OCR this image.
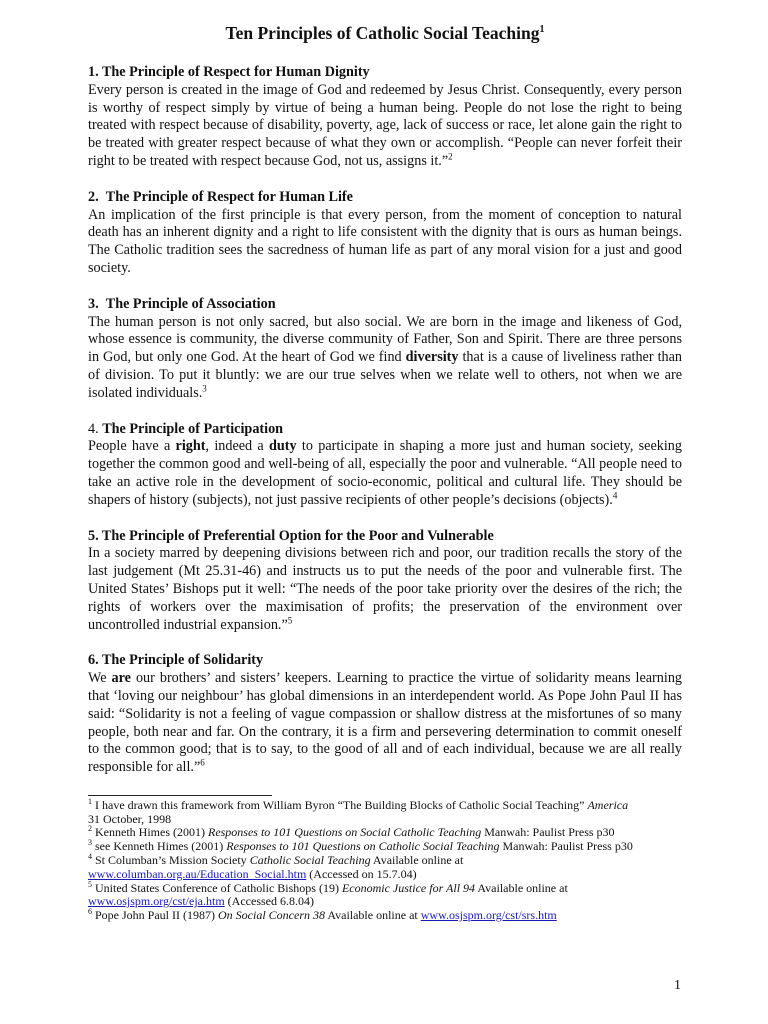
Ten Principles of Catholic Social Teaching$^1$
1. The Principle of Respect for Human Dignity

Every person is created in the image of God and redeemed by Jesus Christ. Consequently, every person is worthy of respect simply by virtue of being a human being. People do not lose the right to being treated with respect because of disability, poverty, age, lack of success or race, let alone gain the right to be treated with greater respect because of what they own or accomplish. “People can never forfeit their right to be treated with respect because God, not us, assigns it.”$^2$

2. The Principle of Respect for Human Life

An implication of the first principle is that every person, from the moment of conception to natural death has an inherent dignity and a right to life consistent with the dignity that is ours as human beings. The Catholic tradition sees the sacredness of human life as part of any moral vision for a just and good society.

3. The Principle of Association

The human person is not only sacred, but also social. We are born in the image and likeness of God, whose essence is community, the diverse community of Father, Son and Spirit. There are three persons in God, but only one God. At the heart of God we find diversity that is a cause of liveliness rather than of division. To put it bluntly: we are our true selves when we relate well to others, not when we are isolated individuals.$^3$

4. The Principle of Participation

People have a right, indeed a duty to participate in shaping a more just and human society, seeking together the common good and well-being of all, especially the poor and vulnerable. “All people need to take an active role in the development of socio-economic, political and cultural life. They should be shapers of history (subjects), not just passive recipients of other people’s decisions (objects).$^4$

5. The Principle of Preferential Option for the Poor and Vulnerable

In a society marred by deepening divisions between rich and poor, our tradition recalls the story of the last judgement (Mt 25.31-46) and instructs us to put the needs of the poor and vulnerable first. The United States’ Bishops put it well: “The needs of the poor take priority over the desires of the rich; the rights of workers over the maximisation of profits; the preservation of the environment over uncontrolled industrial expansion.”$^5$

6. The Principle of Solidarity

We are our brothers’ and sisters’ keepers. Learning to practice the virtue of solidarity means learning that ‘loving our neighbour’ has global dimensions in an interdependent world. As Pope John Paul II has said: “Solidarity is not a feeling of vague compassion or shallow distress at the misfortunes of so many people, both near and far. On the contrary, it is a firm and persevering determination to commit oneself to the common good; that is to say, to the good of all and of each individual, because we are all really responsible for all.”$^6$

$^1$ I have drawn this framework from William Byron “The Building Blocks of Catholic Social Teaching” America
31 October, 1998
$^2$ Kenneth Himes (2001) Responses to 101 Questions on Social Catholic Teaching Manwah: Paulist Press p30
$^3$ see Kenneth Himes (2001) Responses to 101 Questions on Catholic Social Teaching Manwah: Paulist Press p30
$^4$ St Columban’s Mission Society Catholic Social Teaching Available online at
www.columban.org.au/Education_Social.htm (Accessed on 15.7.04)
$^5$ United States Conference of Catholic Bishops (19) Economic Justice for All 94 Available online at
www.osjspm.org/cst/eja.htm (Accessed 6.8.04)
$^6$ Pope John Paul II (1987) On Social Concern 38 Available online at www.osjspm.org/cst/srs.htm
1
